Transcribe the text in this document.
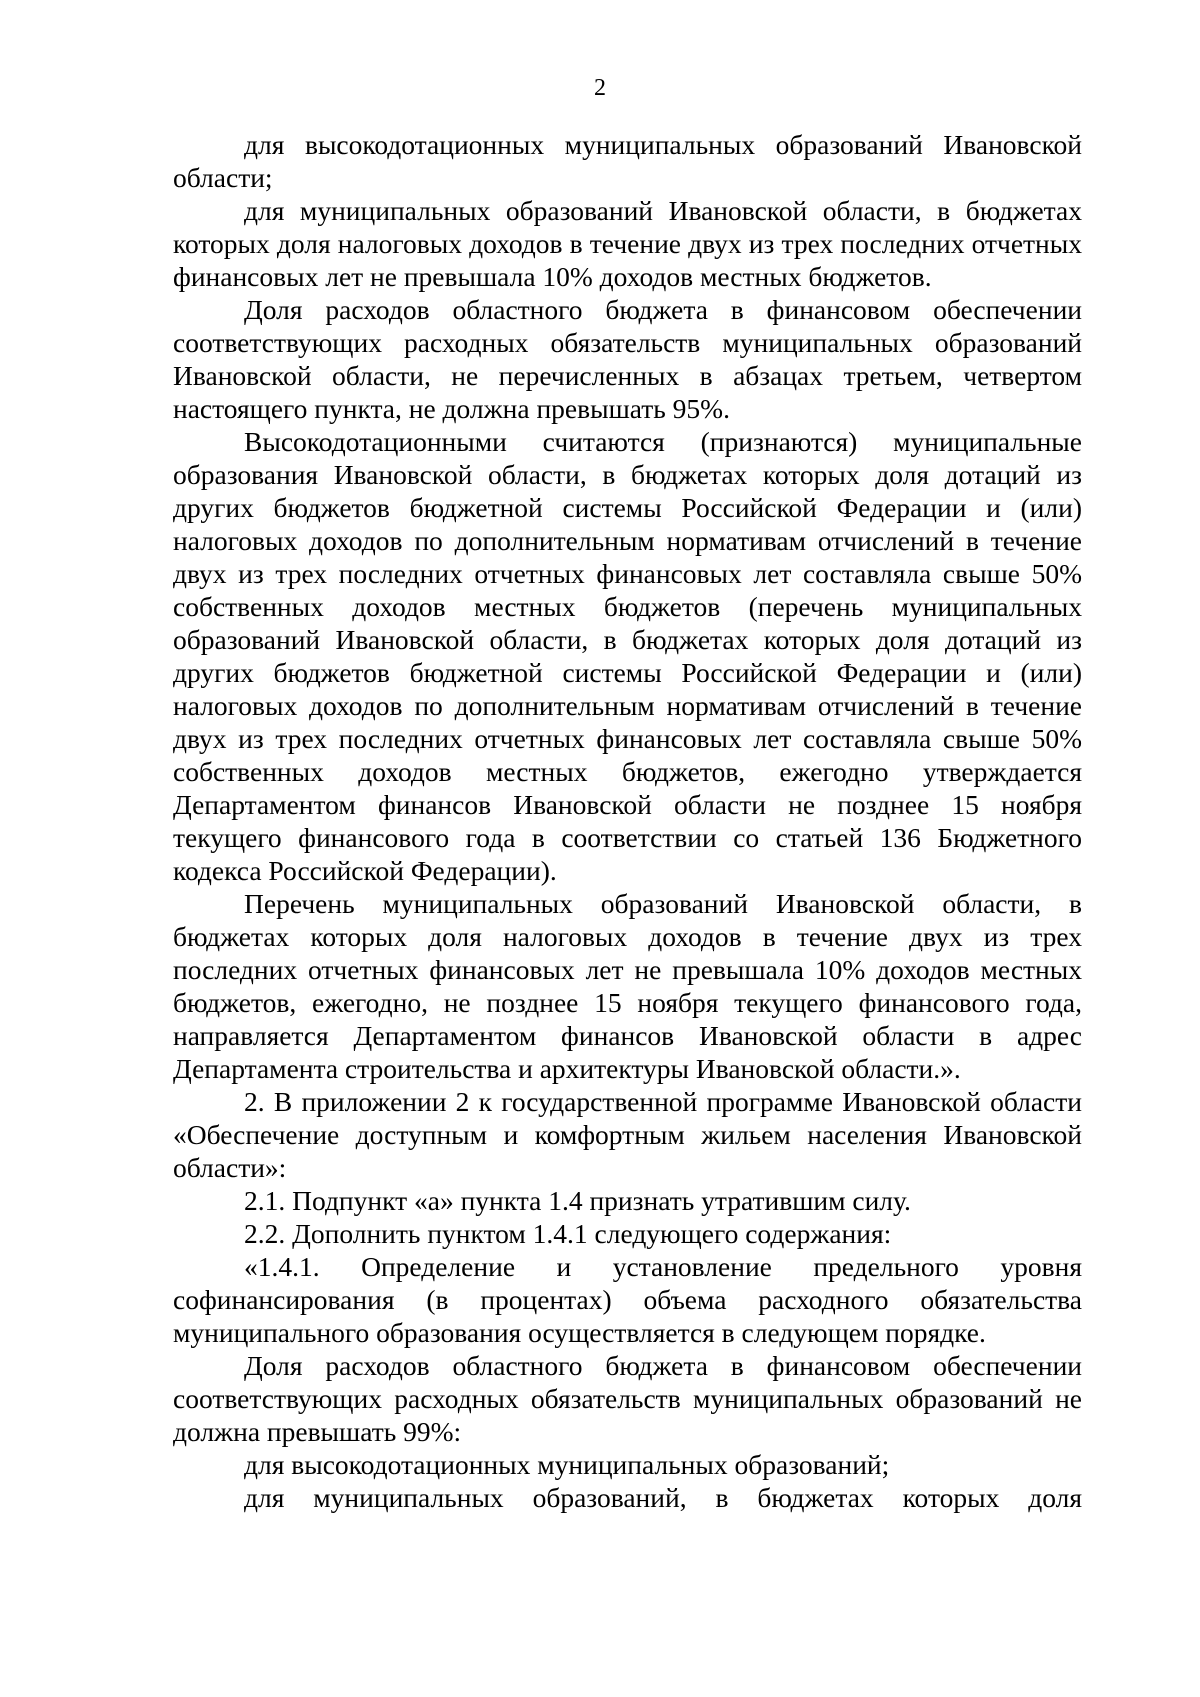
2

для высокодотационных муниципальных образований Ивановской области;

для муниципальных образований Ивановской области, в бюджетах которых доля налоговых доходов в течение двух из трех последних отчетных финансовых лет не превышала 10% доходов местных бюджетов.

Доля расходов областного бюджета в финансовом обеспечении соответствующих расходных обязательств муниципальных образований Ивановской области, не перечисленных в абзацах третьем, четвертом настоящего пункта, не должна превышать 95%.

Высокодотационными считаются (признаются) муниципальные образования Ивановской области, в бюджетах которых доля дотаций из других бюджетов бюджетной системы Российской Федерации и (или) налоговых доходов по дополнительным нормативам отчислений в течение двух из трех последних отчетных финансовых лет составляла свыше 50% собственных доходов местных бюджетов (перечень муниципальных образований Ивановской области, в бюджетах которых доля дотаций из других бюджетов бюджетной системы Российской Федерации и (или) налоговых доходов по дополнительным нормативам отчислений в течение двух из трех последних отчетных финансовых лет составляла свыше 50% собственных доходов местных бюджетов, ежегодно утверждается Департаментом финансов Ивановской области не позднее 15 ноября текущего финансового года в соответствии со статьей 136 Бюджетного кодекса Российской Федерации).

Перечень муниципальных образований Ивановской области, в бюджетах которых доля налоговых доходов в течение двух из трех последних отчетных финансовых лет не превышала 10% доходов местных бюджетов, ежегодно, не позднее 15 ноября текущего финансового года, направляется Департаментом финансов Ивановской области в адрес Департамента строительства и архитектуры Ивановской области.».

2. В приложении 2 к государственной программе Ивановской области «Обеспечение доступным и комфортным жильем населения Ивановской области»:

2.1. Подпункт «а» пункта 1.4 признать утратившим силу.

2.2. Дополнить пунктом 1.4.1 следующего содержания:

«1.4.1. Определение и установление предельного уровня софинансирования (в процентах) объема расходного обязательства муниципального образования осуществляется в следующем порядке.

Доля расходов областного бюджета в финансовом обеспечении соответствующих расходных обязательств муниципальных образований не должна превышать 99%:

для высокодотационных муниципальных образований;

для муниципальных образований, в бюджетах которых доля
